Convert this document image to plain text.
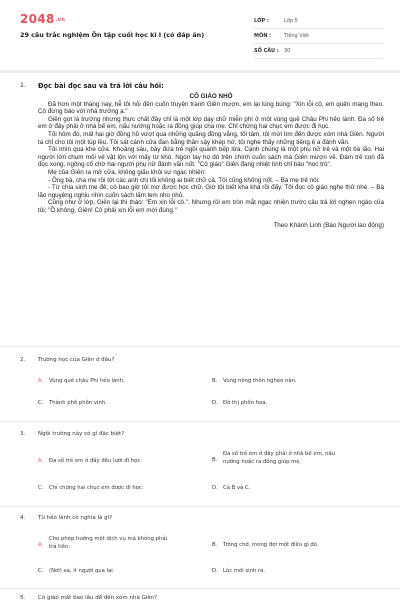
2048.vn
29 câu trắc nghiệm Ôn tập cuối học kì I (có đáp án)
LỚP :	Lớp 5
MÔN :	Tiếng Việt
SỐ CÂU :	30
1. Đọc bài đọc sau và trả lời câu hỏi:
CÔ GIÁO NHỎ

Đã hơn một tháng nay, hễ tôi hỏi đến cuốn truyện tranh Giên mượn, em lại lúng búng: "Xin lỗi cô, em quên mang theo. Cô đừng báo với nhà trường ạ."

Giên gợi là trường nhưng thực chất đây chỉ là một lớp dạy chữ miễn phí ở một vùng quê Châu Phi hẻo lánh. Đa số trẻ em ở đây phải ở nhà bế em, nấu nướng hoặc ra đồng giúp cha mẹ. Chỉ chừng hai chục em được đi học.

Tối hôm đó, mất hai giờ đồng hồ vượt qua những quãng đồng vắng, tôi tâm, tôi mới tìm đến được xóm nhà Giên. Người ta chỉ cho tôi một túp lều. Tôi sát cánh cửa đan bằng thân sậy khép hờ, tôi nghe thấy những tiếng ê a đánh vần.

Tôi nhìn qua khe cửa. Khoảng sáu, bảy đứa trẻ ngồi quanh bếp lửa. Cạnh chúng là một phụ nữ trẻ và một bà lão. Hai người lớn chụm môi vẻ vật lộn với mấy từ khó. Ngón tay họ dò trên chính cuốn sách mà Giên mượn về. Đám trẻ con đã đọc xong, ngồng cổ chờ hai người phụ nữ đánh vần nốt. "Cô giáo" Giên đang nhiệt tình chỉ bảo "học trò".

Mẹ của Giên ra mở cửa, không giấu khỏi sự ngạc nhiên:

- Ông bà, cha mẹ rồi tới các anh chị tôi không ai biết chữ cả. Tôi cũng không nốt. – Bà mẹ trẻ nói.

- Từ chia sinh mẹ đẻ, có bao giờ tôi mơ được học chữ. Giờ tôi biết kha khá rồi đấy. Tôi đọc cô giáo nghe thử nhé. – Bà lão nguyệng nghịu nhìn cuốn sách lấm lem nho nhỏ.

Cũng như ở lớp, Giên lại thì thào: "Em xin lỗi cô.". Nhưng rồi em tròn mắt ngạc nhiên trước câu trả lời nghẹn ngào của tôi: "Ồ không, Giên! Cô phải xin lỗi em mới đúng."

Theo Khánh Linh (Báo Người lao động)
2. Trường học của Giên ở đâu?
A.	Vùng quê châu Phi hẻo lánh.	B.	Vùng nông thôn nghèo nàn.
C.	Thành phố phồn vinh.	D. Đô thị phồn hoa.
3. Ngôi trường này có gì đặc biệt?
A.	Đa số trẻ em ở đây đều lười đi học.	B.
Đa số trẻ em ở đây phải ở nhà bế em, nấu nướng hoặc ra đồng giúp mẹ.
C.	Chỉ chừng hai chục em được đi học.	D. Cả B và C.
4. Từ hẻo lánh có nghĩa là gì?
A.
Cho phép hướng một dịch vụ mà không phải trả tiền.	B.	Trông chờ, mong đợi một điều gì đó.
C.	(Nơi) xa, ít người qua lại.	D. Lúc mới sinh ra.
5. Cô giáo mất bao lâu để đến xóm nhà Giên?
